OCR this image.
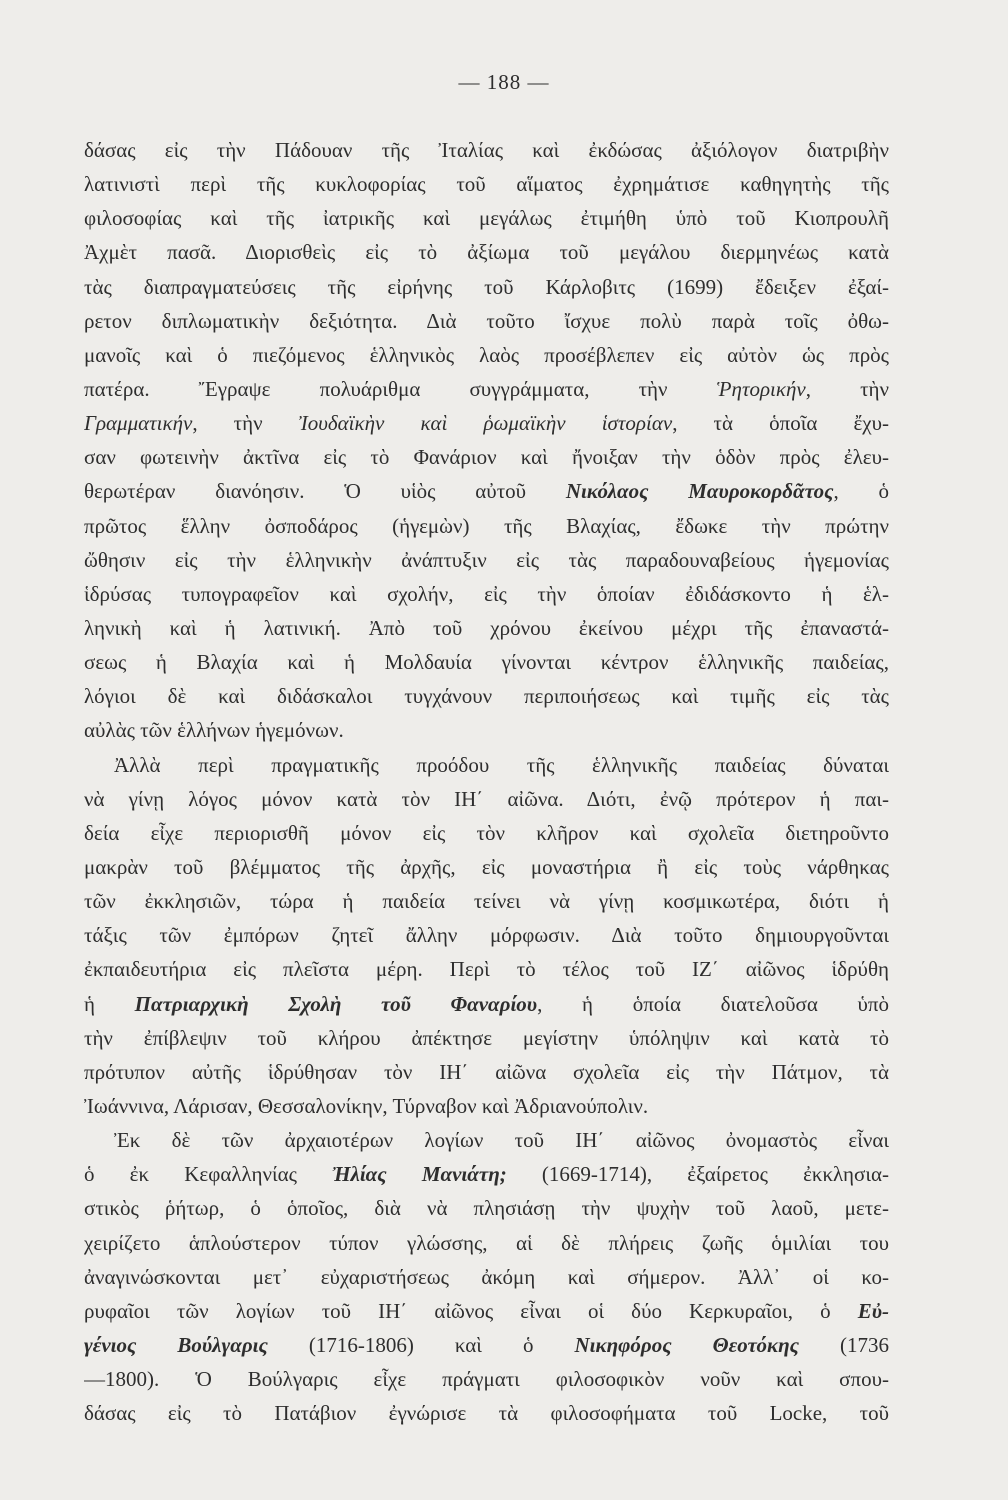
— 188 —
δάσας εἰς τὴν Πάδουαν τῆς Ἰταλίας καὶ ἐκδώσας ἀξιόλογον διατριβὴν
λατινιστὶ περὶ τῆς κυκλοφορίας τοῦ αἵματος ἐχρημάτισε καθηγητὴς τῆς
φιλοσοφίας καὶ τῆς ἰατρικῆς καὶ μεγάλως ἐτιμήθη ὑπὸ τοῦ Κιοπρουλῆ
Ἀχμὲτ πασᾶ. Διορισθεὶς εἰς τὸ ἀξίωμα τοῦ μεγάλου διερμηνέως κατὰ
τὰς διαπραγματεύσεις τῆς εἰρήνης τοῦ Κάρλοβιτς (1699) ἔδειξεν ἐξαί-
ρετον διπλωματικὴν δεξιότητα. Διὰ τοῦτο ἴσχυε πολὺ παρὰ τοῖς ὀθω-
μανοῖς καὶ ὁ πιεζόμενος ἑλληνικὸς λαὸς προσέβλεπεν εἰς αὐτὸν ὡς πρὸς
πατέρα. Ἔγραψε πολυάριθμα συγγράμματα, τὴν Ῥητορικήν, τὴν
Γραμματικήν, τὴν Ἰουδαϊκὴν καὶ ῥωμαϊκὴν ἱστορίαν, τὰ ὁποῖα ἔχυ-
σαν φωτεινὴν ἀκτῖνα εἰς τὸ Φανάριον καὶ ἤνοιξαν τὴν ὁδὸν πρὸς ἐλευ-
θερωτέραν διανόησιν. Ὁ υἱὸς αὐτοῦ Νικόλαος Μαυροκορδᾶτος, ὁ
πρῶτος ἕλλην ὀσποδάρος (ἡγεμὼν) τῆς Βλαχίας, ἔδωκε τὴν πρώτην
ὤθησιν εἰς τὴν ἑλληνικὴν ἀνάπτυξιν εἰς τὰς παραδουναβείους ἡγεμονίας
ἱδρύσας τυπογραφεῖον καὶ σχολήν, εἰς τὴν ὁποίαν ἐδιδάσκοντο ἡ ἑλ-
ληνικὴ καὶ ἡ λατινική. Ἀπὸ τοῦ χρόνου ἐκείνου μέχρι τῆς ἐπαναστά-
σεως ἡ Βλαχία καὶ ἡ Μολδαυία γίνονται κέντρον ἑλληνικῆς παιδείας,
λόγιοι δὲ καὶ διδάσκαλοι τυγχάνουν περιποιήσεως καὶ τιμῆς εἰς τὰς
αὐλὰς τῶν ἑλλήνων ἡγεμόνων.
Ἀλλὰ περὶ πραγματικῆς προόδου τῆς ἑλληνικῆς παιδείας δύναται
νὰ γίνῃ λόγος μόνον κατὰ τὸν ΙΗ΄ αἰῶνα. Διότι, ἐνῷ πρότερον ἡ παι-
δεία εἶχε περιορισθῆ μόνον εἰς τὸν κλῆρον καὶ σχολεῖα διετηροῦντο
μακρὰν τοῦ βλέμματος τῆς ἀρχῆς, εἰς μοναστήρια ἢ εἰς τοὺς νάρθηκας
τῶν ἐκκλησιῶν, τώρα ἡ παιδεία τείνει νὰ γίνῃ κοσμικωτέρα, διότι ἡ
τάξις τῶν ἐμπόρων ζητεῖ ἄλλην μόρφωσιν. Διὰ τοῦτο δημιουργοῦνται
ἐκπαιδευτήρια εἰς πλεῖστα μέρη. Περὶ τὸ τέλος τοῦ ΙΖ΄ αἰῶνος ἱδρύθη
ἡ Πατριαρχικὴ Σχολὴ τοῦ Φαναρίου, ἡ ὁποία διατελοῦσα ὑπὸ
τὴν ἐπίβλεψιν τοῦ κλήρου ἀπέκτησε μεγίστην ὑπόληψιν καὶ κατὰ τὸ
πρότυπον αὐτῆς ἱδρύθησαν τὸν ΙΗ΄ αἰῶνα σχολεῖα εἰς τὴν Πάτμον, τὰ
Ἰωάννινα, Λάρισαν, Θεσσαλονίκην, Τύρναβον καὶ Ἀδριανούπολιν.
Ἐκ δὲ τῶν ἀρχαιοτέρων λογίων τοῦ ΙΗ΄ αἰῶνος ὀνομαστὸς εἶναι
ὁ ἐκ Κεφαλληνίας Ἠλίας Μανιάτη; (1669-1714), ἐξαίρετος ἐκκλησια-
στικὸς ῥήτωρ, ὁ ὁποῖος, διὰ νὰ πλησιάσῃ τὴν ψυχὴν τοῦ λαοῦ, μετε-
χειρίζετο ἁπλούστερον τύπον γλώσσης, αἱ δὲ πλήρεις ζωῆς ὁμιλίαι του
ἀναγινώσκονται μετ᾽ εὐχαριστήσεως ἀκόμη καὶ σήμερον. Ἀλλ᾽ οἱ κο-
ρυφαῖοι τῶν λογίων τοῦ ΙΗ΄ αἰῶνος εἶναι οἱ δύο Κερκυραῖοι, ὁ Εὐ-
γένιος Βούλγαρις (1716-1806) καὶ ὁ Νικηφόρος Θεοτόκης (1736
—1800). Ὁ Βούλγαρις εἶχε πράγματι φιλοσοφικὸν νοῦν καὶ σπου-
δάσας εἰς τὸ Πατάβιον ἐγνώρισε τὰ φιλοσοφήματα τοῦ Locke, τοῦ
